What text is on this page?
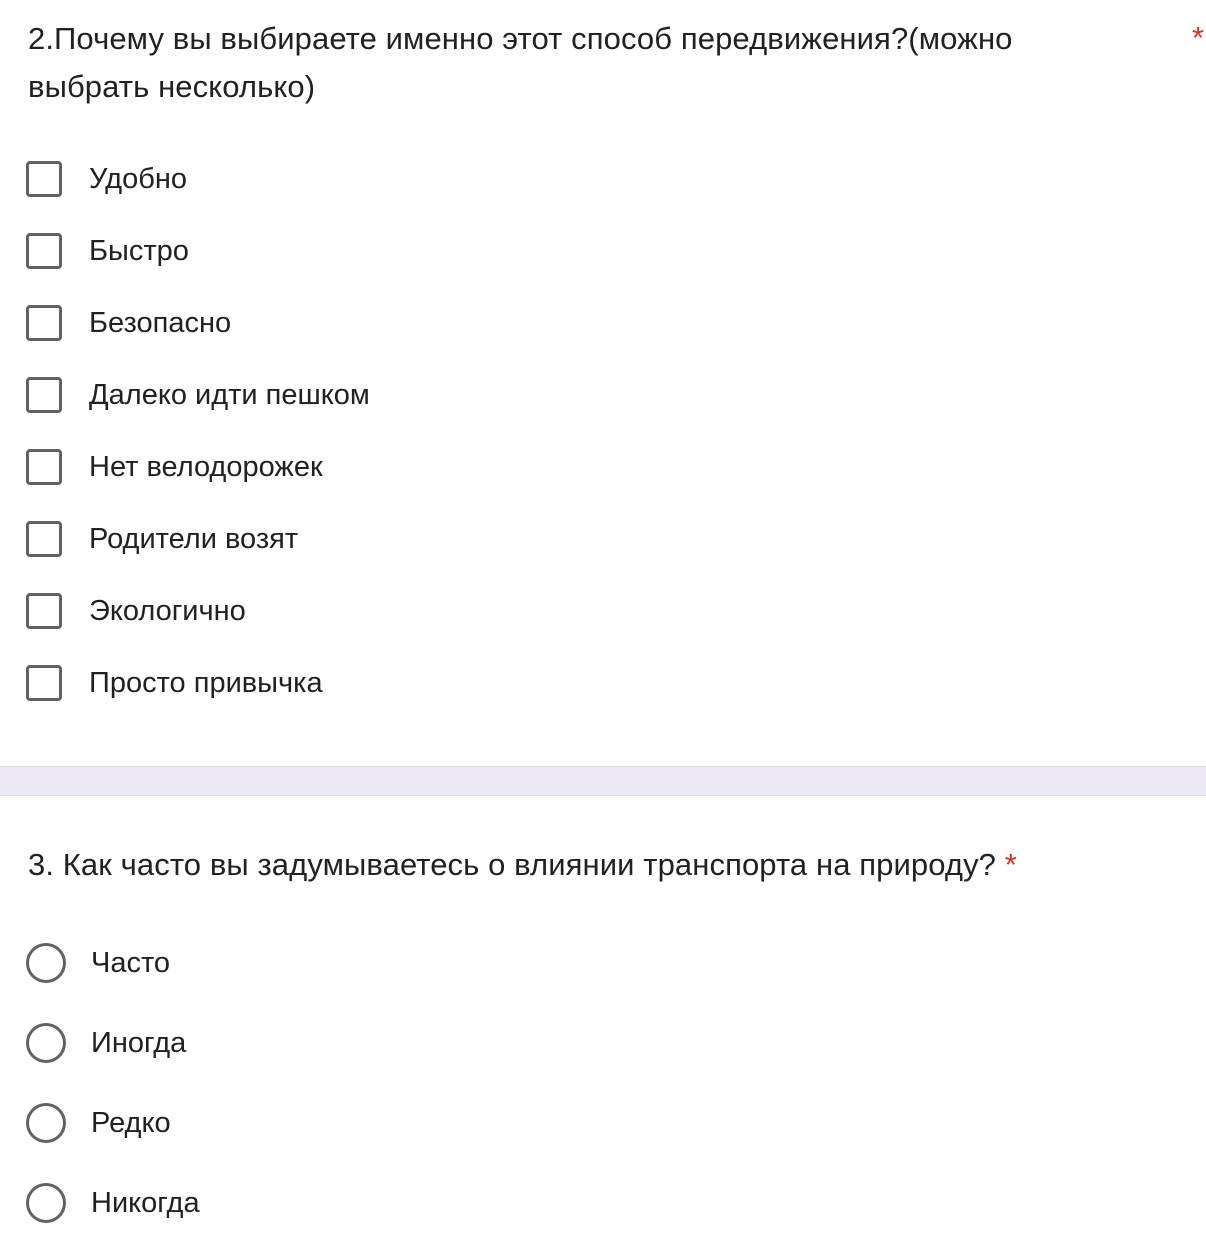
2.Почему вы выбираете именно этот способ передвижения?(можно выбрать несколько)
*
Удобно
Быстро
Безопасно
Далеко идти пешком
Нет велодорожек
Родители возят
Экологично
Просто привычка
3. Как часто вы задумываетесь о влиянии транспорта на природу? *
Часто
Иногда
Редко
Никогда
